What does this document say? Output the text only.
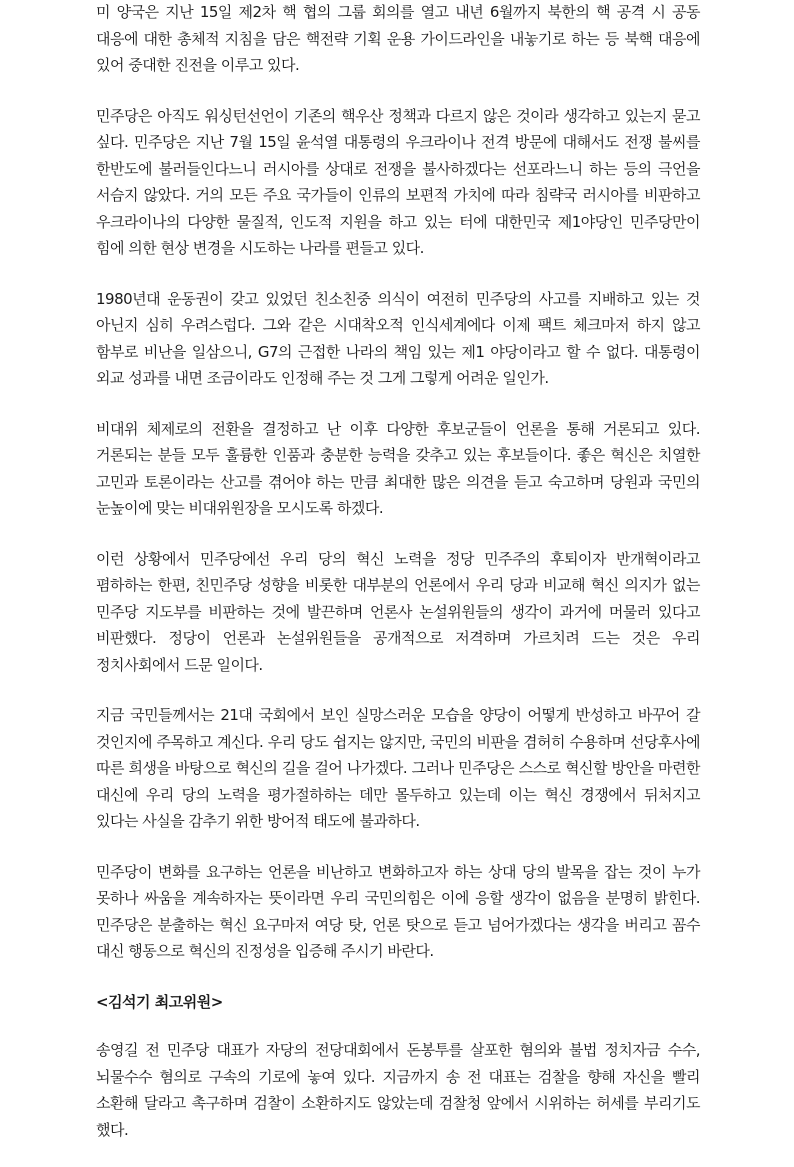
미 양국은 지난 15일 제2차 핵 협의 그룹 회의를 열고 내년 6월까지 북한의 핵 공격 시 공동 대응에 대한 총체적 지침을 담은 핵전략 기획 운용 가이드라인을 내놓기로 하는 등 북핵 대응에 있어 중대한 진전을 이루고 있다.

민주당은 아직도 워싱턴선언이 기존의 핵우산 정책과 다르지 않은 것이라 생각하고 있는지 묻고 싶다. 민주당은 지난 7월 15일 윤석열 대통령의 우크라이나 전격 방문에 대해서도 전쟁 불씨를 한반도에 불러들인다느니 러시아를 상대로 전쟁을 불사하겠다는 선포라느니 하는 등의 극언을 서슴지 않았다. 거의 모든 주요 국가들이 인류의 보편적 가치에 따라 침략국 러시아를 비판하고 우크라이나의 다양한 물질적, 인도적 지원을 하고 있는 터에 대한민국 제1야당인 민주당만이 힘에 의한 현상 변경을 시도하는 나라를 편들고 있다.

1980년대 운동권이 갖고 있었던 친소친중 의식이 여전히 민주당의 사고를 지배하고 있는 것 아닌지 심히 우려스럽다. 그와 같은 시대착오적 인식세계에다 이제 팩트 체크마저 하지 않고 함부로 비난을 일삼으니, G7의 근접한 나라의 책임 있는 제1 야당이라고 할 수 없다. 대통령이 외교 성과를 내면 조금이라도 인정해 주는 것 그게 그렇게 어려운 일인가.

비대위 체제로의 전환을 결정하고 난 이후 다양한 후보군들이 언론을 통해 거론되고 있다. 거론되는 분들 모두 훌륭한 인품과 충분한 능력을 갖추고 있는 후보들이다. 좋은 혁신은 치열한 고민과 토론이라는 산고를 겪어야 하는 만큼 최대한 많은 의견을 듣고 숙고하며 당원과 국민의 눈높이에 맞는 비대위원장을 모시도록 하겠다.

이런 상황에서 민주당에선 우리 당의 혁신 노력을 정당 민주주의 후퇴이자 반개혁이라고 폄하하는 한편, 친민주당 성향을 비롯한 대부분의 언론에서 우리 당과 비교해 혁신 의지가 없는 민주당 지도부를 비판하는 것에 발끈하며 언론사 논설위원들의 생각이 과거에 머물러 있다고 비판했다. 정당이 언론과 논설위원들을 공개적으로 저격하며 가르치려 드는 것은 우리 정치사회에서 드문 일이다.

지금 국민들께서는 21대 국회에서 보인 실망스러운 모습을 양당이 어떻게 반성하고 바꾸어 갈 것인지에 주목하고 계신다. 우리 당도 쉽지는 않지만, 국민의 비판을 겸허히 수용하며 선당후사에 따른 희생을 바탕으로 혁신의 길을 걸어 나가겠다. 그러나 민주당은 스스로 혁신할 방안을 마련한 대신에 우리 당의 노력을 평가절하하는 데만 몰두하고 있는데 이는 혁신 경쟁에서 뒤처지고 있다는 사실을 감추기 위한 방어적 태도에 불과하다.

민주당이 변화를 요구하는 언론을 비난하고 변화하고자 하는 상대 당의 발목을 잡는 것이 누가 못하나 싸움을 계속하자는 뜻이라면 우리 국민의힘은 이에 응할 생각이 없음을 분명히 밝힌다. 민주당은 분출하는 혁신 요구마저 여당 탓, 언론 탓으로 듣고 넘어가겠다는 생각을 버리고 꼼수 대신 행동으로 혁신의 진정성을 입증해 주시기 바란다.

<김석기 최고위원>

송영길 전 민주당 대표가 자당의 전당대회에서 돈봉투를 살포한 혐의와 불법 정치자금 수수, 뇌물수수 혐의로 구속의 기로에 놓여 있다. 지금까지 송 전 대표는 검찰을 향해 자신을 빨리 소환해 달라고 촉구하며 검찰이 소환하지도 않았는데 검찰청 앞에서 시위하는 허세를 부리기도 했다.
